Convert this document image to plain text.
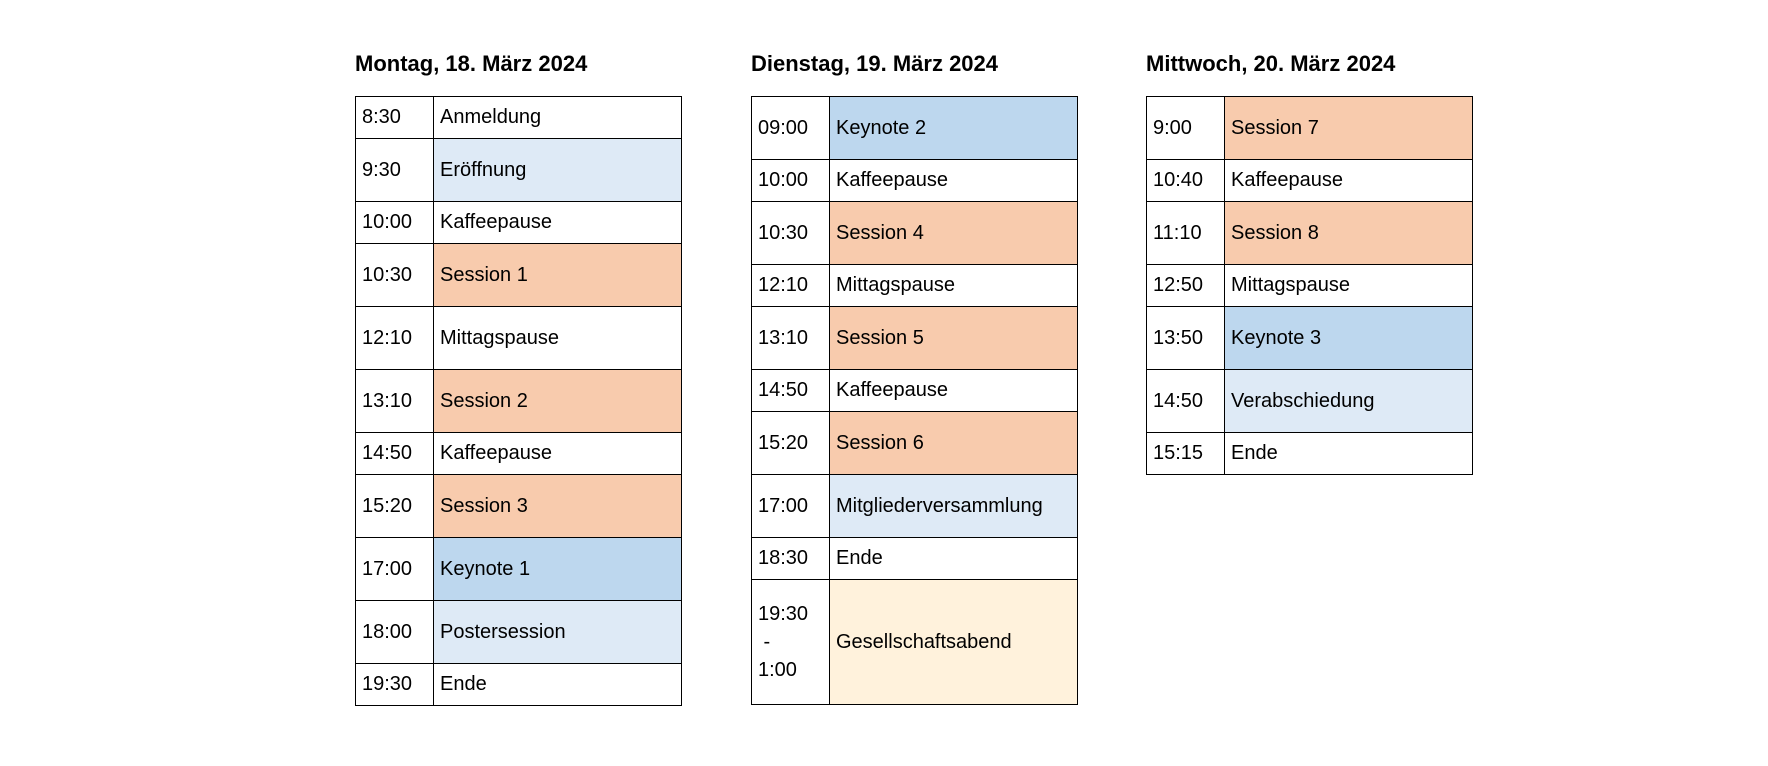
Montag, 18. März 2024
8:30	Anmeldung
9:30	Eröffnung
10:00	Kaffeepause
10:30	Session 1
12:10	Mittagspause
13:10	Session 2
14:50	Kaffeepause
15:20	Session 3
17:00	Keynote 1
18:00	Postersession
19:30	Ende
Dienstag, 19. März 2024
09:00	Keynote 2
10:00	Kaffeepause
10:30	Session 4
12:10	Mittagspause
13:10	Session 5
14:50	Kaffeepause
15:20	Session 6
17:00	Mitgliederversammlung
18:30	Ende
19:30
-
1:00	Gesellschaftsabend
Mittwoch, 20. März 2024
9:00	Session 7
10:40	Kaffeepause
11:10	Session 8
12:50	Mittagspause
13:50	Keynote 3
14:50	Verabschiedung
15:15	Ende
